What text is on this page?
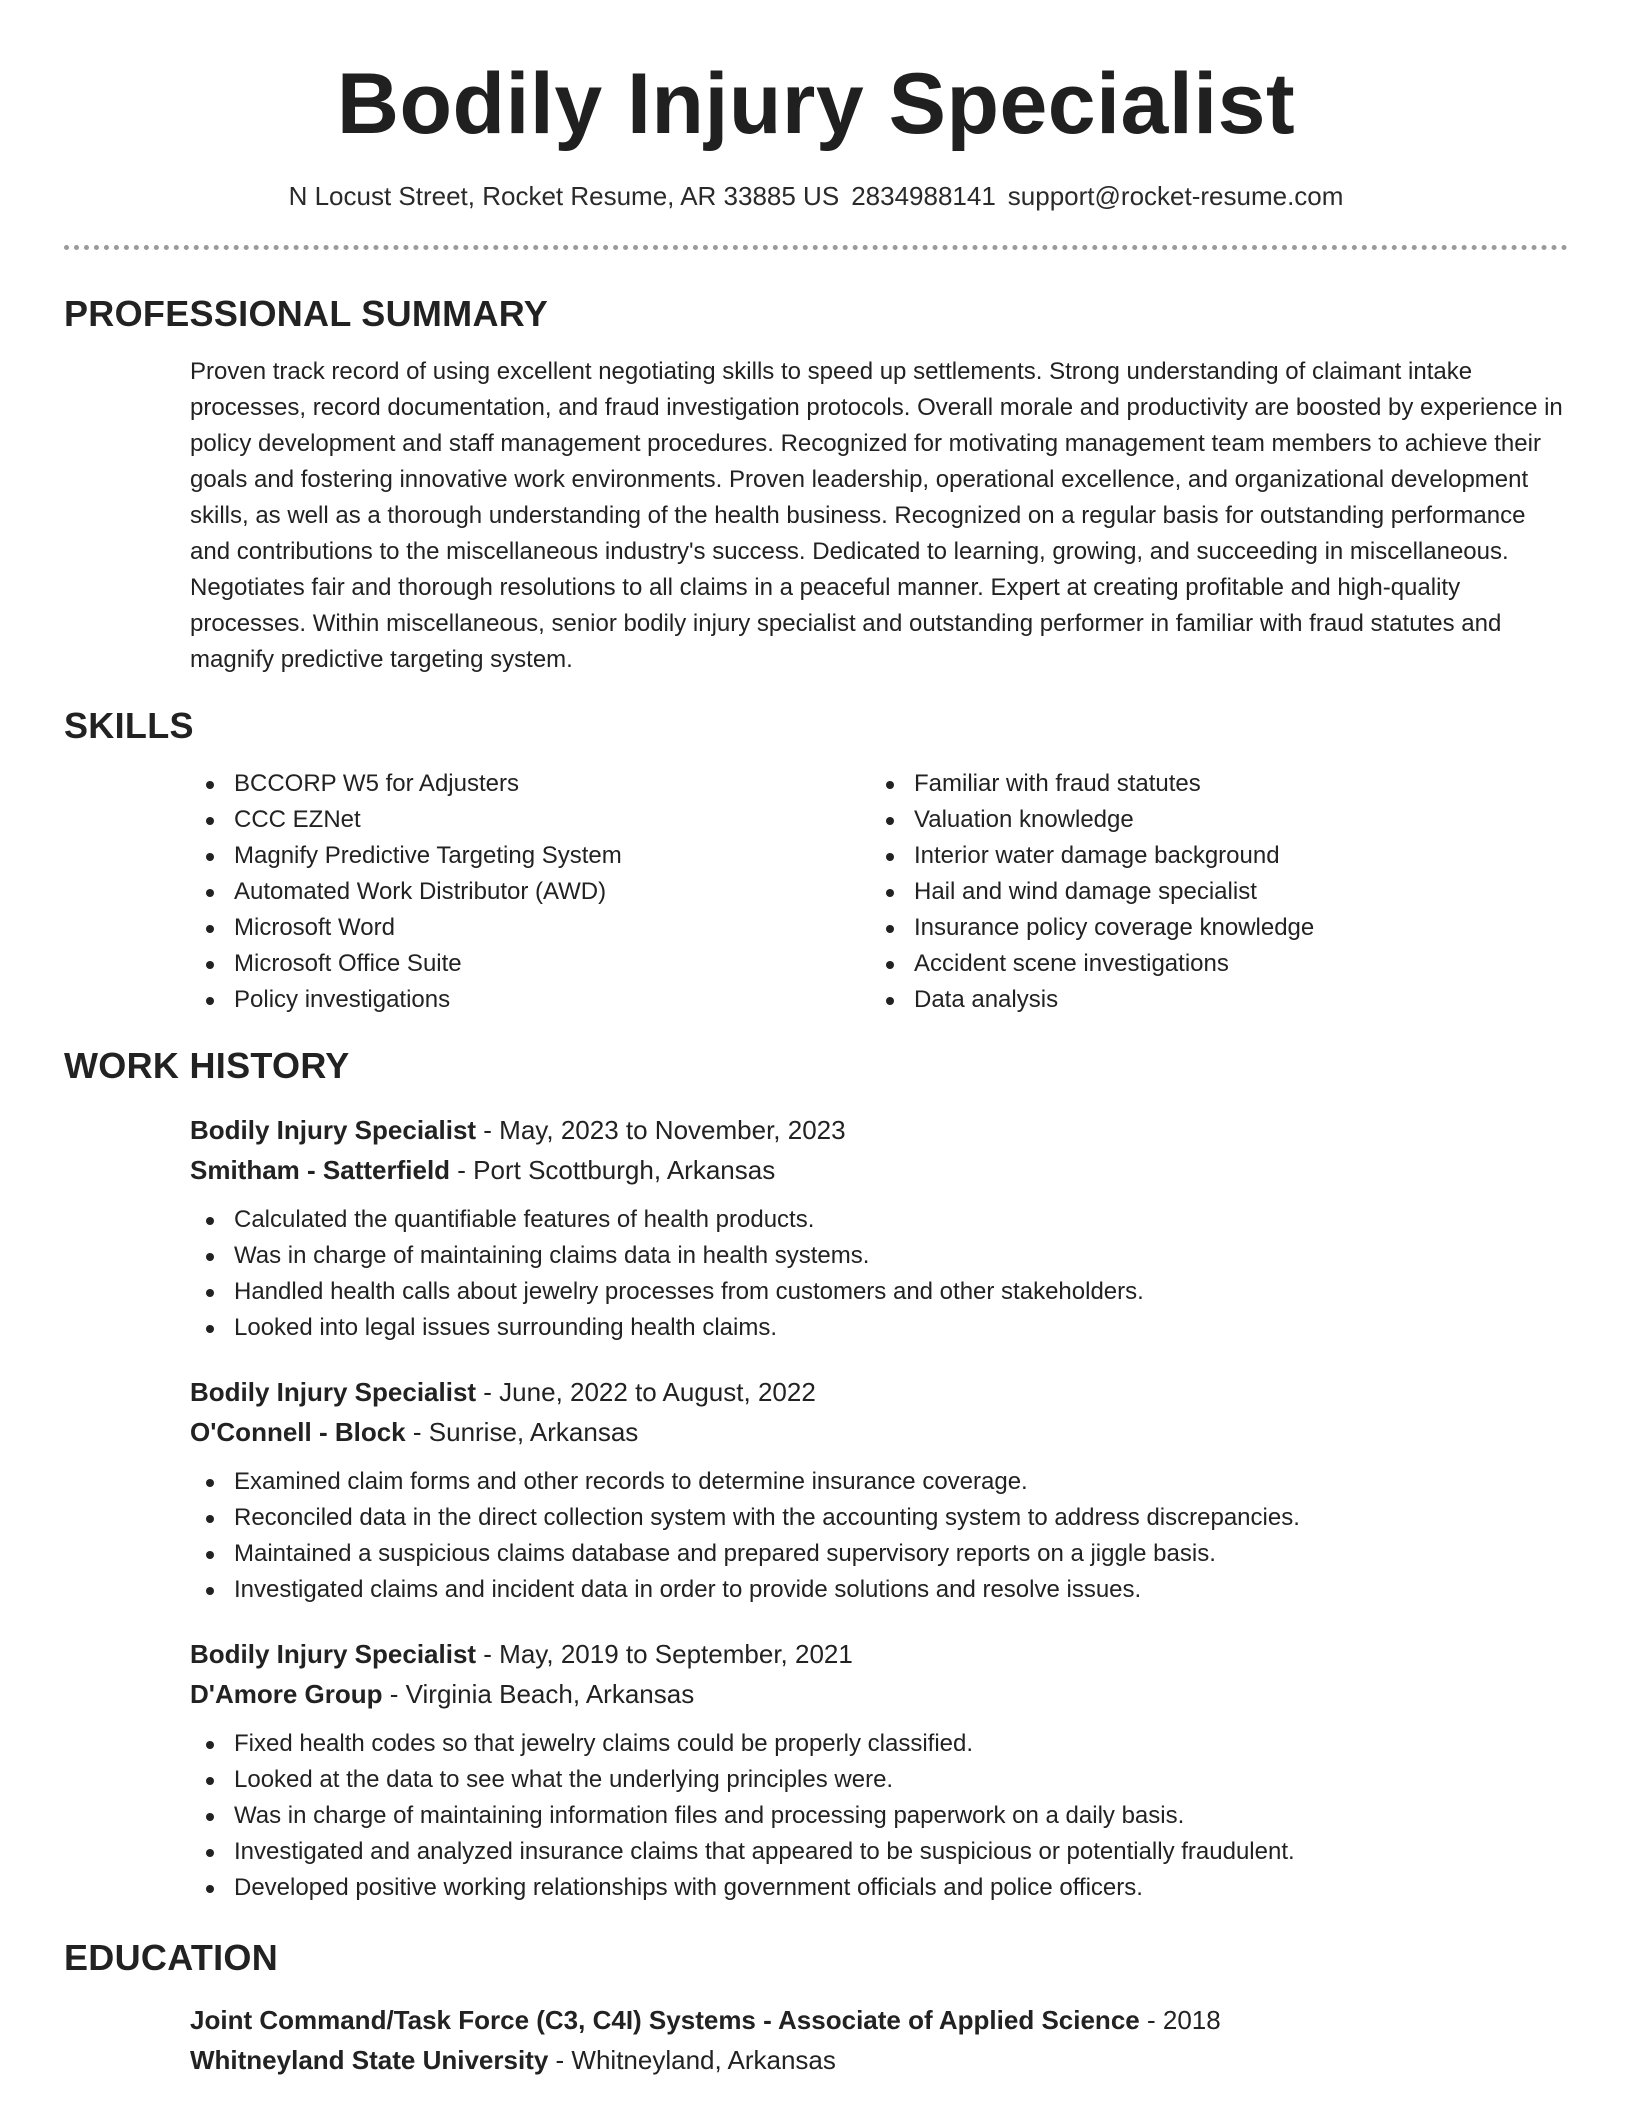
Bodily Injury Specialist
N Locust Street, Rocket Resume, AR 33885 US 2834988141 support@rocket-resume.com
PROFESSIONAL SUMMARY

Proven track record of using excellent negotiating skills to speed up settlements. Strong understanding of claimant intake processes, record documentation, and fraud investigation protocols. Overall morale and productivity are boosted by experience in policy development and staff management procedures. Recognized for motivating management team members to achieve their goals and fostering innovative work environments. Proven leadership, operational excellence, and organizational development skills, as well as a thorough understanding of the health business. Recognized on a regular basis for outstanding performance and contributions to the miscellaneous industry's success. Dedicated to learning, growing, and succeeding in miscellaneous. Negotiates fair and thorough resolutions to all claims in a peaceful manner. Expert at creating profitable and high-quality processes. Within miscellaneous, senior bodily injury specialist and outstanding performer in familiar with fraud statutes and magnify predictive targeting system.

SKILLS
BCCORP W5 for Adjusters
CCC EZNet
Magnify Predictive Targeting System
Automated Work Distributor (AWD)
Microsoft Word
Microsoft Office Suite
Policy investigations
Familiar with fraud statutes
Valuation knowledge
Interior water damage background
Hail and wind damage specialist
Insurance policy coverage knowledge
Accident scene investigations
Data analysis
WORK HISTORY
Bodily Injury Specialist - May, 2023 to November, 2023
Smitham - Satterfield - Port Scottburgh, Arkansas
Calculated the quantifiable features of health products.
Was in charge of maintaining claims data in health systems.
Handled health calls about jewelry processes from customers and other stakeholders.
Looked into legal issues surrounding health claims.
Bodily Injury Specialist - June, 2022 to August, 2022
O'Connell - Block - Sunrise, Arkansas
Examined claim forms and other records to determine insurance coverage.
Reconciled data in the direct collection system with the accounting system to address discrepancies.
Maintained a suspicious claims database and prepared supervisory reports on a jiggle basis.
Investigated claims and incident data in order to provide solutions and resolve issues.
Bodily Injury Specialist - May, 2019 to September, 2021
D'Amore Group - Virginia Beach, Arkansas
Fixed health codes so that jewelry claims could be properly classified.
Looked at the data to see what the underlying principles were.
Was in charge of maintaining information files and processing paperwork on a daily basis.
Investigated and analyzed insurance claims that appeared to be suspicious or potentially fraudulent.
Developed positive working relationships with government officials and police officers.
EDUCATION
Joint Command/Task Force (C3, C4I) Systems - Associate of Applied Science - 2018
Whitneyland State University - Whitneyland, Arkansas
